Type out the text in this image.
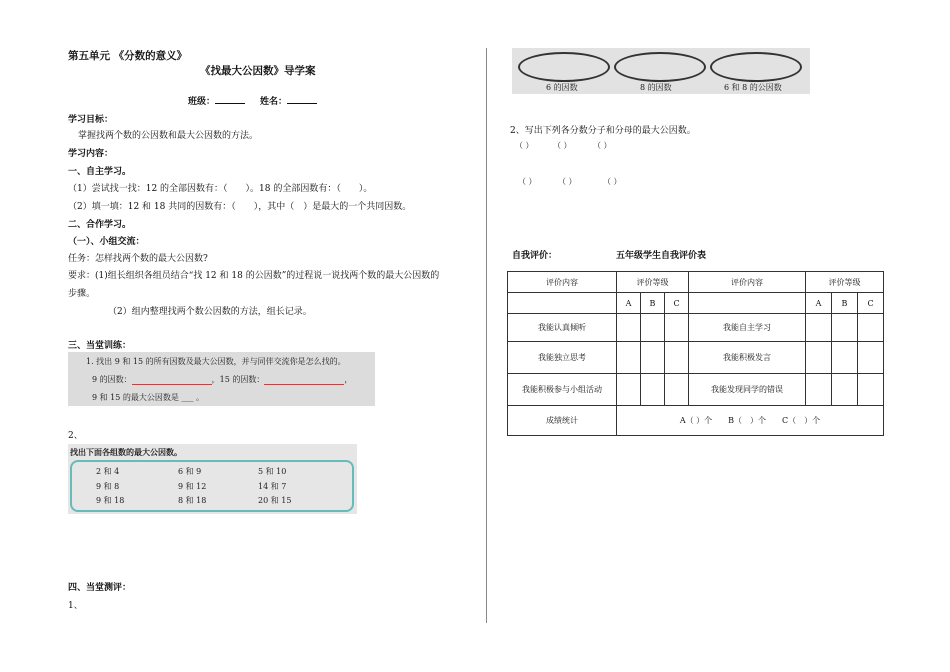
第五单元 《分数的意义》
《找最大公因数》导学案
班级：	姓名：
学习目标：
掌握找两个数的公因数和最大公因数的方法。
学习内容：
一、自主学习。
（1）尝试找一找：12 的全部因数有：（　　）。18 的全部因数有：（　　）。
（2）填一填：12 和 18 共同的因数有：（　　），其中（　）是最大的一个共同因数。
二、合作学习。
（一）、小组交流：
任务：怎样找两个数的最大公因数?
要求：(1)组长组织各组员结合“找 12 和 18 的公因数”的过程说一说找两个数的最大公因数的
步骤。
（2）组内整理找两个数公因数的方法，组长记录。
三、当堂训练：
1. 找出 9 和 15 的所有因数及最大公因数，并与同伴交流你是怎么找的。
9 的因数：	，15 的因数：	，
9 和 15 的最大公因数是 ___ 。
2、
找出下面各组数的最大公因数。
2 和 4	6 和 9	5 和 10
9 和 8	9 和 12	14 和 7
9 和 18	8 和 18	20 和 15
四、当堂测评：
1、
6 的因数	8 的因数	6 和 8 的公因数
2、写出下列各分数分子和分母的最大公因数。
（ ） （ ）	（ ）
（ ）	（ ）	（ ）
自我评价：	五年级学生自我评价表
评价内容	评价等级			评价内容	评价等级		
	A	B	C		A	B	C
我能认真倾听				我能自主学习			
我能独立思考				我能积极发言			
我能积极参与小组活动				我能发现同学的错误			
成绩统计	A（ ）个　　B（　）个　　C（　）个						
